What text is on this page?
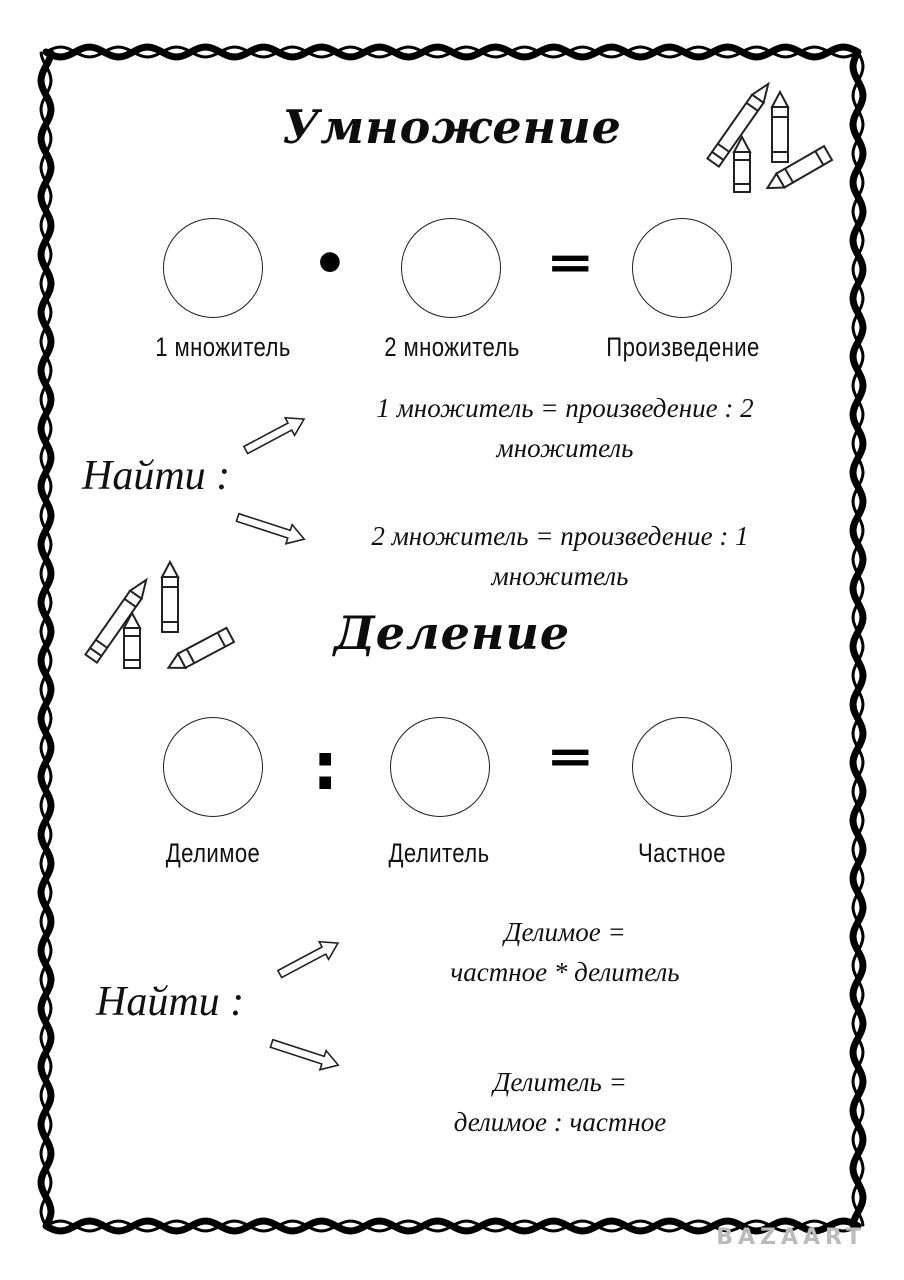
Умножение
•	=
1 множитель	2 множитель	Произведение
Найти :
1 множитель = произведение : 2
множитель
2 множитель = произведение : 1
множитель
Деление
:	=
Делимое	Делитель	Частное
Найти :
Делимое =
частное * делитель
Делитель =
делимое : частное
BAZAART
